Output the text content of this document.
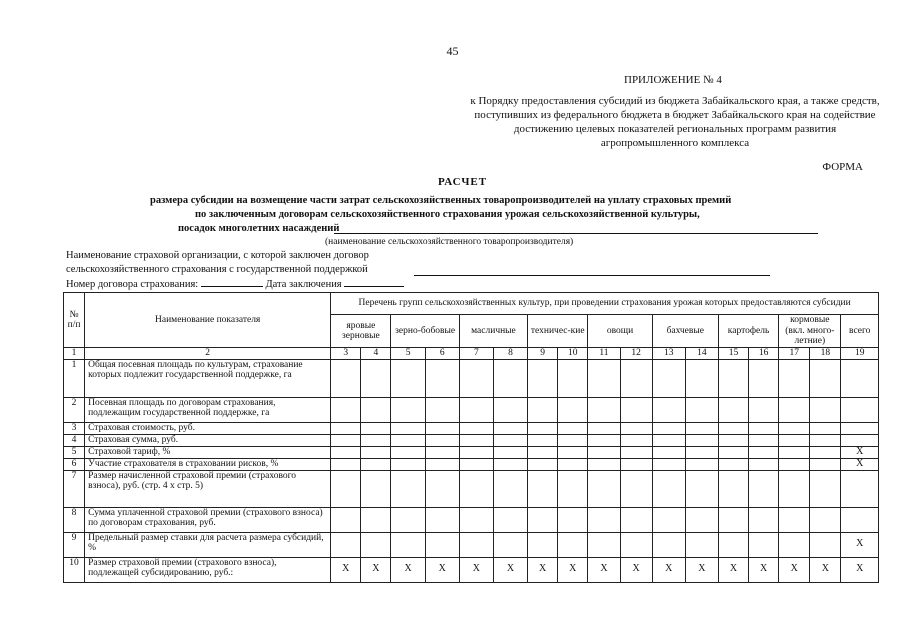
45
ПРИЛОЖЕНИЕ № 4
к Порядку предоставления субсидий из бюджета Забайкальского края, а также средств, поступивших из федерального бюджета в бюджет Забайкальского края на содействие достижению целевых показателей региональных программ развития агропромышленного комплекса
ФОРМА
РАСЧЕТ
размера субсидии на возмещение части затрат сельскохозяйственных товаропроизводителей на уплату страховых премий
по заключенным договорам сельскохозяйственного страхования урожая сельскохозяйственной культуры,
посадок многолетних насаждений
(наименование сельскохозяйственного товаропроизводителя)
Наименование страховой организации, с которой заключен договор
сельскохозяйственного страхования с государственной поддержкой
Номер договора страхования:	Дата заключения
№ п/п	Наименование показателя	Перечень групп сельскохозяйственных культур, при проведении страхования урожая которых предоставляются субсидии																
		яровые зерновые		зерно-бобовые		масличные		техничес-кие		овощи		бахчевые		картофель		кормовые (вкл. много-летние)		всего
1	2	3	4	5	6	7	8	9	10	11	12	13	14	15	16	17	18	19
1	Общая посевная площадь по культурам, страхование которых подлежит государственной поддержке, га																	
2	Посевная площадь по договорам страхования, подлежащим государственной поддержке, га																	
3	Страховая стоимость, руб.																	
4	Страховая сумма, руб.																	
5	Страховой тариф, %																	X
6	Участие страхователя в страховании рисков, %																	X
7	Размер начисленной страховой премии (страхового взноса), руб. (стр. 4 х стр. 5)																	
8	Сумма уплаченной страховой премии (страхового взноса) по договорам страхования, руб.																	
9	Предельный размер ставки для расчета размера субсидий, %																	X
10	Размер страховой премии (страхового взноса), подлежащей субсидированию, руб.:	X	X	X	X	X	X	X	X	X	X	X	X	X	X	X	X	X
